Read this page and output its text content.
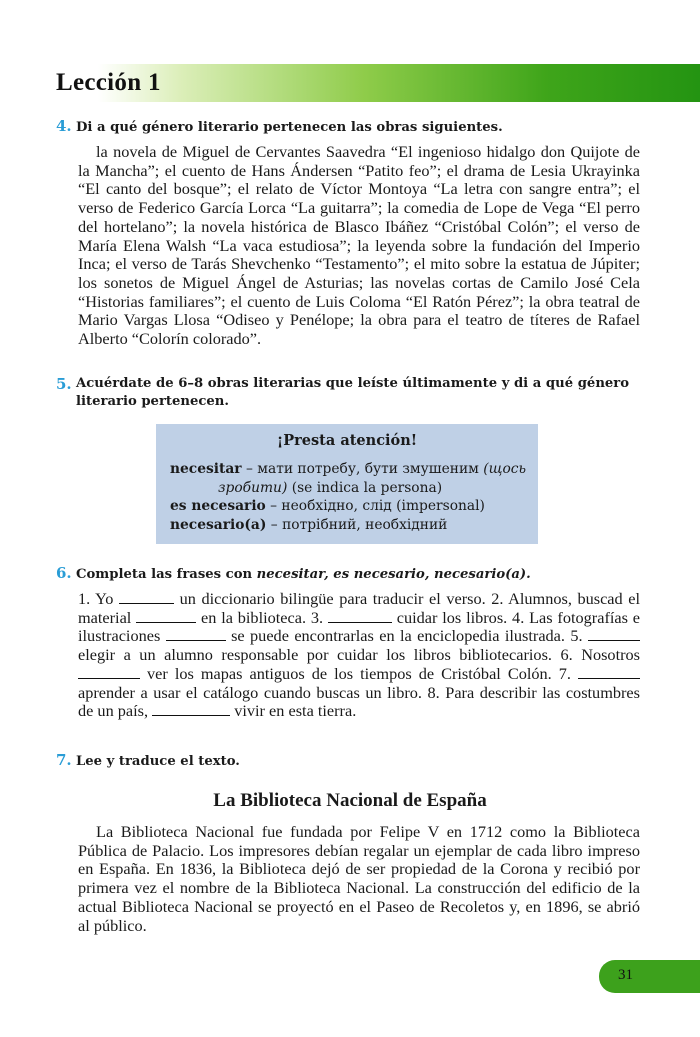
Lección 1
4. Di a qué género literario pertenecen las obras siguientes.

la novela de Miguel de Cervantes Saavedra “El ingenioso hidalgo don Quijote de la Mancha”; el cuento de Hans Ándersen “Patito feo”; el drama de Lesia Ukrayinka “El canto del bosque”; el relato de Víctor Montoya “La letra con sangre entra”; el verso de Federico García Lorca “La guitarra”; la comedia de Lope de Vega “El perro del hortelano”; la novela histórica de Blasco Ibáñez “Cristóbal Colón”; el verso de María Elena Walsh “La vaca estudiosa”; la leyenda sobre la fundación del Imperio Inca; el verso de Tarás Shevchenko “Testamento”; el mito sobre la estatua de Júpiter; los sonetos de Miguel Ángel de Asturias; las novelas cortas de Camilo José Cela “Historias familiares”; el cuento de Luis Coloma “El Ratón Pérez”; la obra teatral de Mario Vargas Llosa “Odiseo y Penélope; la obra para el teatro de títeres de Rafael Alberto “Colorín colorado”.

5. Acuérdate de 6–8 obras literarias que leíste últimamente y di a qué género literario pertenecen.
¡Presta atención!
necesitar – мати потребу, бути змушеним (щось
зробити) (se indica la persona)
es necesario – необхідно, слід (impersonal)
necesario(a) – потрібний, необхідний
6. Completa las frases con necesitar, es necesario, necesario(a).

1. Yo	un diccionario bilingüe para traducir el verso. 2. Alumnos, buscad el material	en la biblioteca. 3.	cuidar los libros. 4. Las fotografías e ilustraciones	se puede encontrarlas en la enciclopedia ilustrada. 5. elegir a un alumno responsable por cuidar los libros bibliotecarios. 6. Nosotros  ver los mapas antiguos de los tiempos de Cristóbal Colón. 7.  aprender a usar el catálogo cuando buscas un libro. 8. Para describir las costumbres de un país,	vivir en esta tierra.

7. Lee y traduce el texto.
La Biblioteca Nacional de España

La Biblioteca Nacional fue fundada por Felipe V en 1712 como la Biblioteca Pública de Palacio. Los impresores debían regalar un ejemplar de cada libro impreso en España. En 1836, la Biblioteca dejó de ser propiedad de la Corona y recibió por primera vez el nombre de la Biblioteca Nacional. La construcción del edificio de la actual Biblioteca Nacional se proyectó en el Paseo de Recoletos y, en 1896, se abrió al público.

31
